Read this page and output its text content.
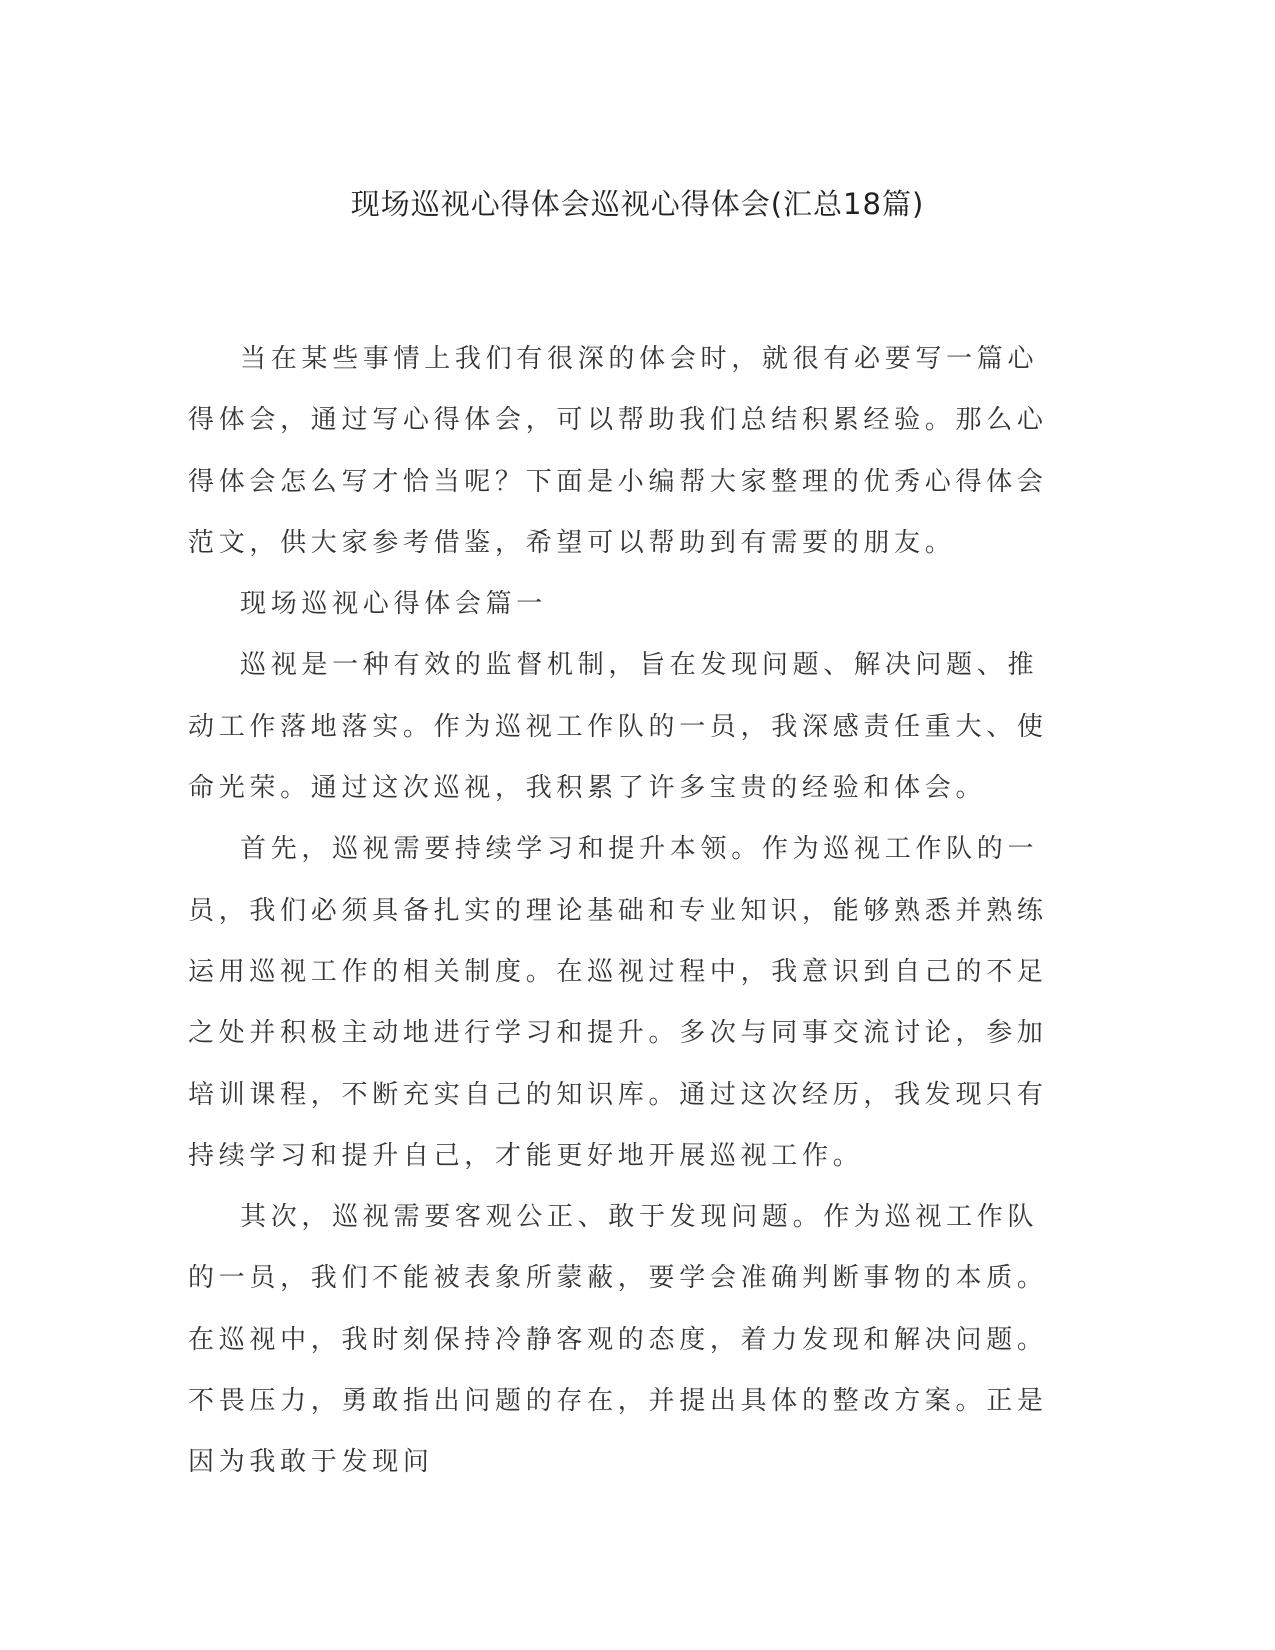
现场巡视心得体会巡视心得体会(汇总18篇)

当在某些事情上我们有很深的体会时，就很有必要写一篇心得体会，通过写心得体会，可以帮助我们总结积累经验。那么心得体会怎么写才恰当呢？下面是小编帮大家整理的优秀心得体会范文，供大家参考借鉴，希望可以帮助到有需要的朋友。

现场巡视心得体会篇一

巡视是一种有效的监督机制，旨在发现问题、解决问题、推动工作落地落实。作为巡视工作队的一员，我深感责任重大、使命光荣。通过这次巡视，我积累了许多宝贵的经验和体会。

首先，巡视需要持续学习和提升本领。作为巡视工作队的一员，我们必须具备扎实的理论基础和专业知识，能够熟悉并熟练运用巡视工作的相关制度。在巡视过程中，我意识到自己的不足之处并积极主动地进行学习和提升。多次与同事交流讨论，参加培训课程，不断充实自己的知识库。通过这次经历，我发现只有持续学习和提升自己，才能更好地开展巡视工作。

其次，巡视需要客观公正、敢于发现问题。作为巡视工作队的一员，我们不能被表象所蒙蔽，要学会准确判断事物的本质。在巡视中，我时刻保持冷静客观的态度，着力发现和解决问题。不畏压力，勇敢指出问题的存在，并提出具体的整改方案。正是因为我敢于发现问
